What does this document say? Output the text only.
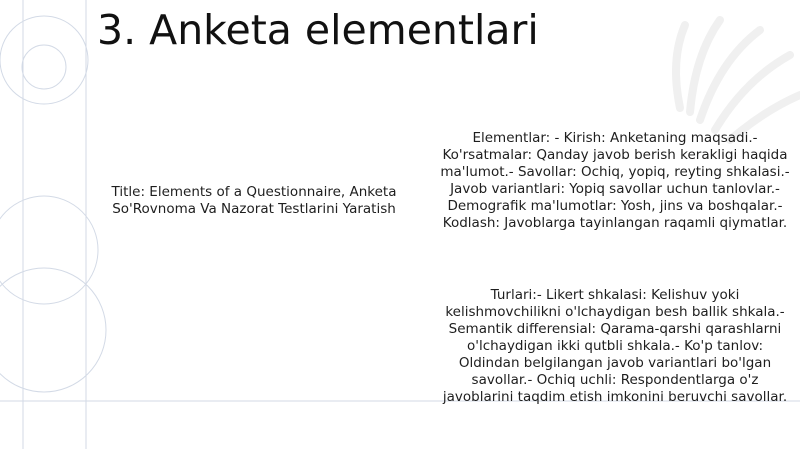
3. Anketa elementlari
Title: Elements of a Questionnaire, Anketa So'Rovnoma Va Nazorat Testlarini Yaratish
Elementlar: - Kirish: Anketaning maqsadi.- Ko'rsatmalar: Qanday javob berish kerakligi haqida ma'lumot.- Savollar: Ochiq, yopiq, reyting shkalasi.- Javob variantlari: Yopiq savollar uchun tanlovlar.- Demografik ma'lumotlar: Yosh, jins va boshqalar.- Kodlash: Javoblarga tayinlangan raqamli qiymatlar.
Turlari:- Likert shkalasi: Kelishuv yoki kelishmovchilikni o'lchaydigan besh ballik shkala.- Semantik differensial: Qarama-qarshi qarashlarni o'lchaydigan ikki qutbli shkala.- Ko'p tanlov: Oldindan belgilangan javob variantlari bo'lgan savollar.- Ochiq uchli: Respondentlarga o'z javoblarini taqdim etish imkonini beruvchi savollar.
